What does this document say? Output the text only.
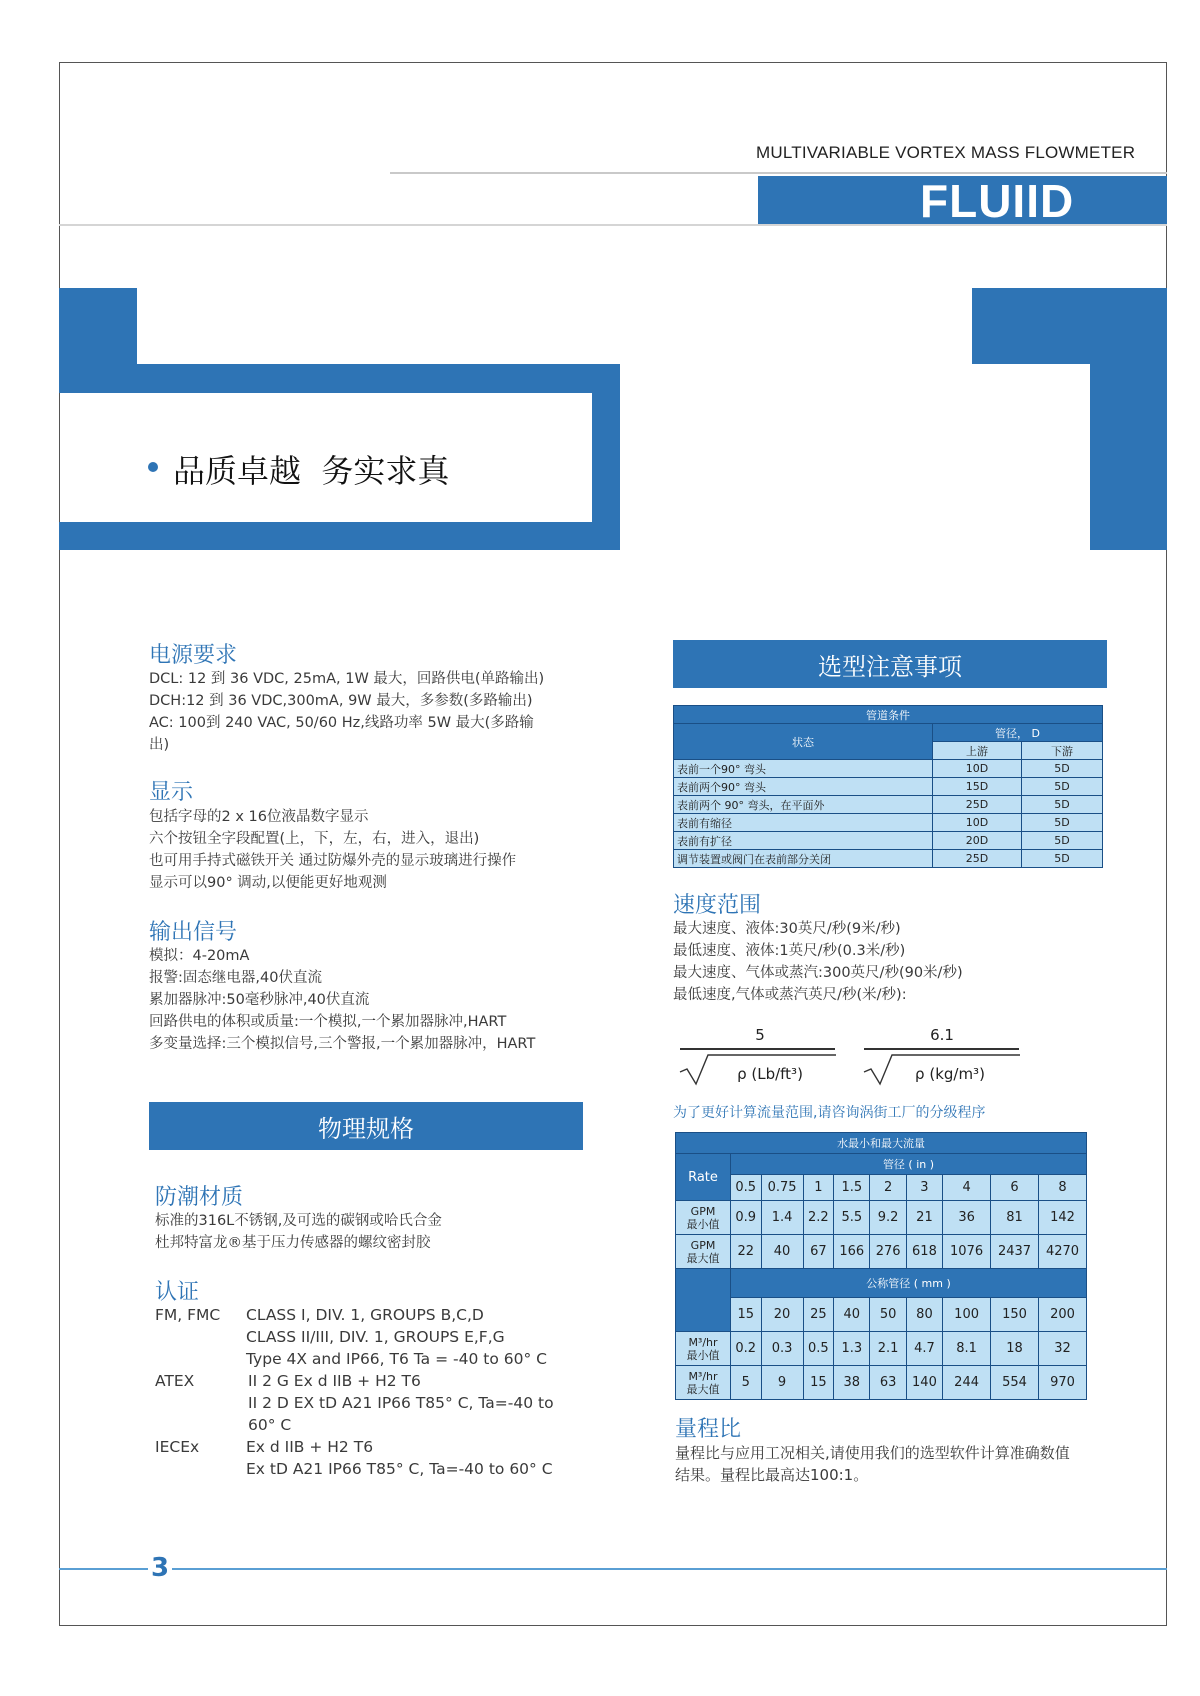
MULTIVARIABLE VORTEX MASS FLOWMETER
FLUIID
品质卓越  务实求真
电源要求
DCL: 12 到 36 VDC, 25mA, 1W 最大，回路供电(单路输出)
DCH:12 到 36 VDC,300mA, 9W 最大，多参数(多路输出)
AC: 100到 240 VAC, 50/60 Hz,线路功率 5W 最大(多路输
出)
显示
包括字母的2 x 16位液晶数字显示
六个按钮全字段配置(上，下，左，右，进入，退出)
也可用手持式磁铁开关 通过防爆外壳的显示玻璃进行操作
显示可以90° 调动,以便能更好地观测
输出信号
模拟：4-20mA
报警:固态继电器,40伏直流
累加器脉冲:50毫秒脉冲,40伏直流
回路供电的体积或质量:一个模拟,一个累加器脉冲,HART
多变量选择:三个模拟信号,三个警报,一个累加器脉冲，HART
物理规格
防潮材质
标准的316L不锈钢,及可选的碳钢或哈氏合金
杜邦特富龙®基于压力传感器的螺纹密封胶
认证
FM, FMC CLASS I, DIV. 1, GROUPS B,C,D
CLASS II/III, DIV. 1, GROUPS E,F,G
Type 4X and IP66, T6 Ta = -40 to 60° C
ATEX	II 2 G Ex d IIB + H2 T6
II 2 D EX tD A21 IP66 T85° C, Ta=-40 to
60° C
IECEx	Ex d IIB + H2 T6
Ex tD A21 IP66 T85° C, Ta=-40 to 60° C
选型注意事项
管道条件		
状态	管径， D	
	上游	下游
表前一个90° 弯头	10D	5D
表前两个90° 弯头	15D	5D
表前两个 90° 弯头，在平面外	25D	5D
表前有缩径	10D	5D
表前有扩径	20D	5D
调节装置或阀门在表前部分关闭	25D	5D
速度范围
最大速度、液体:30英尺/秒(9米/秒)
最低速度、液体:1英尺/秒(0.3米/秒)
最大速度、气体或蒸汽:300英尺/秒(90米/秒)
最低速度,气体或蒸汽英尺/秒(米/秒):
5
ρ (Lb/ft³)
6.1
ρ (kg/m³)
为了更好计算流量范围,请咨询涡街工厂的分级程序
水最小和最大流量									
Rate	管径 ( in )								
	0.5	0.75	1	1.5	2	3	4	6	8

GPM
最小值	0.9	1.4	2.2	5.5	9.2	21	36	81	142

GPM
最大值	22	40	67	166	276	618	1076	2437	4270
	公称管径 ( mm )								
	15	20	25	40	50	80	100	150	200

M³/hr
最小值	0.2	0.3	0.5	1.3	2.1	4.7	8.1	18	32

M³/hr
最大值	5	9	15	38	63	140	244	554	970
量程比
量程比与应用工况相关,请使用我们的选型软件计算准确数值
结果。量程比最高达100:1。
3
